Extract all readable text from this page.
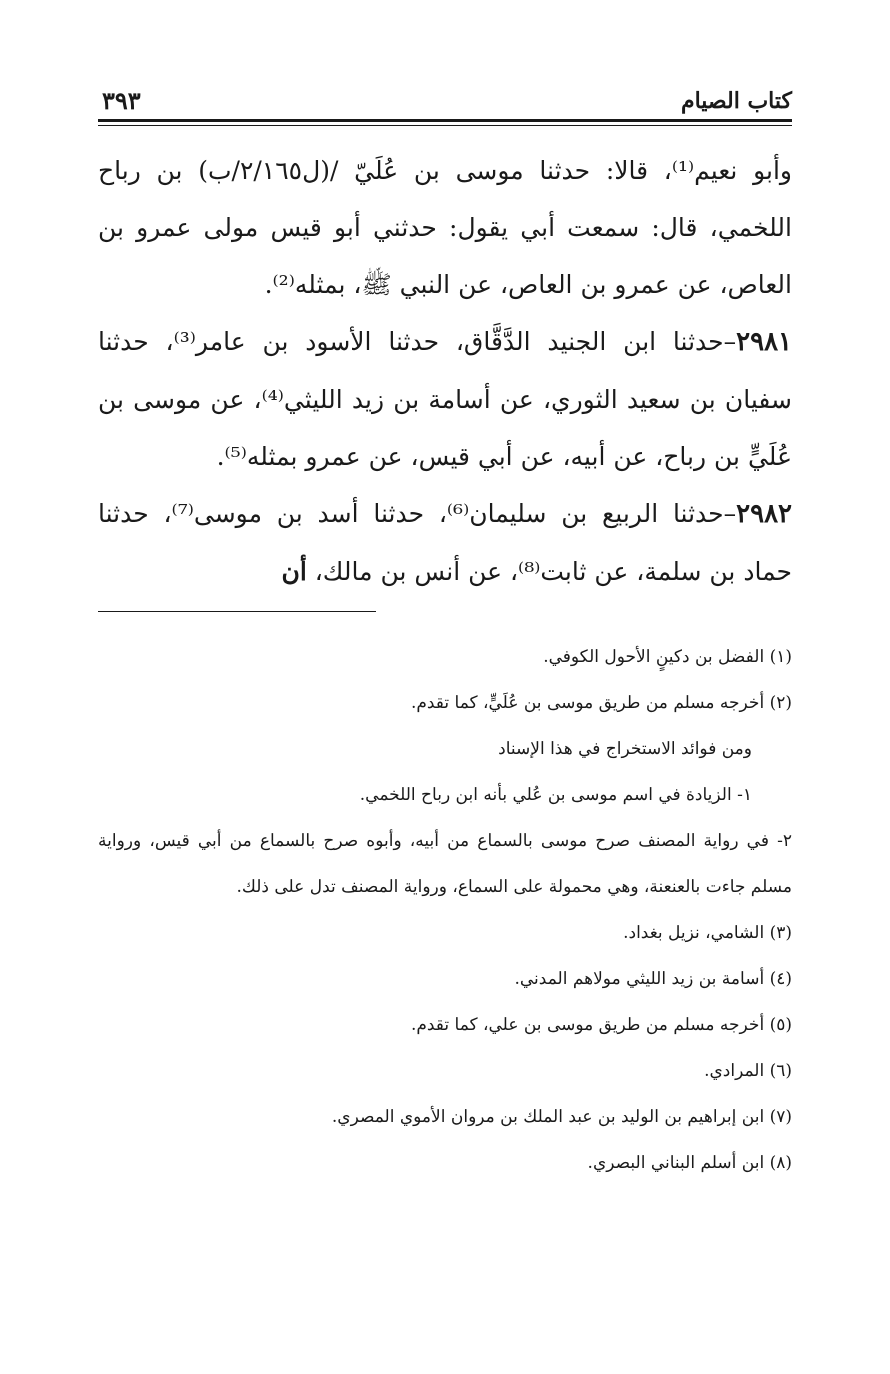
كتاب الصيام
٣٩٣

وأبو نعيم⁽¹⁾، قالا: حدثنا موسى بن عُلَيّ /(ل٢/١٦٥/ب) بن رباح اللخمي، قال: سمعت أبي يقول: حدثني أبو قيس مولى عمرو بن العاص، عن عمرو بن العاص، عن النبي ﷺ، بمثله⁽²⁾.

٢٩٨١–حدثنا ابن الجنيد الدَّقَّاق، حدثنا الأسود بن عامر⁽³⁾، حدثنا سفيان بن سعيد الثوري، عن أسامة بن زيد الليثي⁽⁴⁾، عن موسى بن عُلَيٍّ بن رباح، عن أبيه، عن أبي قيس، عن عمرو بمثله⁽⁵⁾.

٢٩٨٢–حدثنا الربيع بن سليمان⁽⁶⁾، حدثنا أسد بن موسى⁽⁷⁾، حدثنا حماد بن سلمة، عن ثابت⁽⁸⁾، عن أنس بن مالك، أن

(١) الفضل بن دكينٍ الأحول الكوفي.

(٢) أخرجه مسلم من طريق موسى بن عُلَيٍّ، كما تقدم.

ومن فوائد الاستخراج في هذا الإسناد

١- الزيادة في اسم موسى بن عُلي بأنه ابن رباح اللخمي.

٢- في رواية المصنف صرح موسى بالسماع من أبيه، وأبوه صرح بالسماع من أبي قيس، ورواية مسلم جاءت بالعنعنة، وهي محمولة على السماع، ورواية المصنف تدل على ذلك.

(٣) الشامي، نزيل بغداد.

(٤) أسامة بن زيد الليثي مولاهم المدني.

(٥) أخرجه مسلم من طريق موسى بن علي، كما تقدم.

(٦) المرادي.

(٧) ابن إبراهيم بن الوليد بن عبد الملك بن مروان الأموي المصري.

(٨) ابن أسلم البناني البصري.
